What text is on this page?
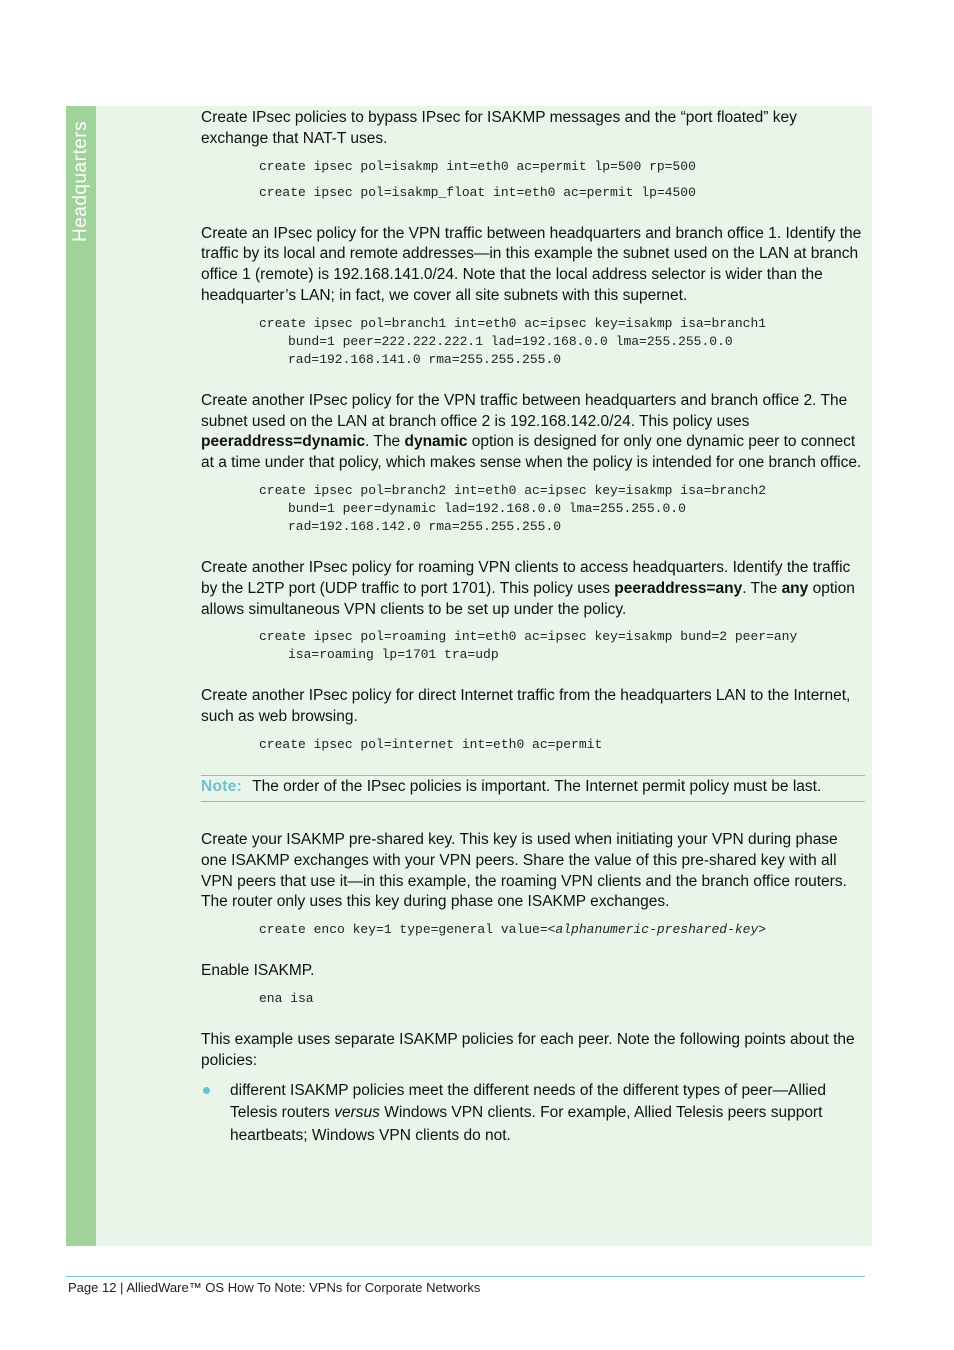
Headquarters

Create IPsec policies to bypass IPsec for ISAKMP messages and the “port floated” key exchange that NAT-T uses.

create ipsec pol=isakmp int=eth0 ac=permit lp=500 rp=500
create ipsec pol=isakmp_float int=eth0 ac=permit lp=4500

Create an IPsec policy for the VPN traffic between headquarters and branch office 1. Identify the traffic by its local and remote addresses—in this example the subnet used on the LAN at branch office 1 (remote) is 192.168.141.0/24. Note that the local address selector is wider than the headquarter’s LAN; in fact, we cover all site subnets with this supernet.

create ipsec pol=branch1 int=eth0 ac=ipsec key=isakmp isa=branch1

bund=1 peer=222.222.222.1 lad=192.168.0.0 lma=255.255.0.0
rad=192.168.141.0 rma=255.255.255.0

Create another IPsec policy for the VPN traffic between headquarters and branch office 2. The subnet used on the LAN at branch office 2 is 192.168.142.0/24. This policy uses peeraddress=dynamic. The dynamic option is designed for only one dynamic peer to connect at a time under that policy, which makes sense when the policy is intended for one branch office.

create ipsec pol=branch2 int=eth0 ac=ipsec key=isakmp isa=branch2

bund=1 peer=dynamic lad=192.168.0.0 lma=255.255.0.0
rad=192.168.142.0 rma=255.255.255.0

Create another IPsec policy for roaming VPN clients to access headquarters. Identify the traffic by the L2TP port (UDP traffic to port 1701). This policy uses peeraddress=any. The any option allows simultaneous VPN clients to be set up under the policy.

create ipsec pol=roaming int=eth0 ac=ipsec key=isakmp bund=2 peer=any

isa=roaming lp=1701 tra=udp

Create another IPsec policy for direct Internet traffic from the headquarters LAN to the Internet, such as web browsing.

create ipsec pol=internet int=eth0 ac=permit
Note: The order of the IPsec policies is important. The Internet permit policy must be last.

Create your ISAKMP pre-shared key. This key is used when initiating your VPN during phase one ISAKMP exchanges with your VPN peers. Share the value of this pre-shared key with all VPN peers that use it—in this example, the roaming VPN clients and the branch office routers. The router only uses this key during phase one ISAKMP exchanges.

create enco key=1 type=general value=<alphanumeric-preshared-key>

Enable ISAKMP.

ena isa

This example uses separate ISAKMP policies for each peer. Note the following points about the policies:

different ISAKMP policies meet the different needs of the different types of peer—Allied Telesis routers versus Windows VPN clients. For example, Allied Telesis peers support heartbeats; Windows VPN clients do not.
Page 12 | AlliedWare™ OS How To Note: VPNs for Corporate Networks
